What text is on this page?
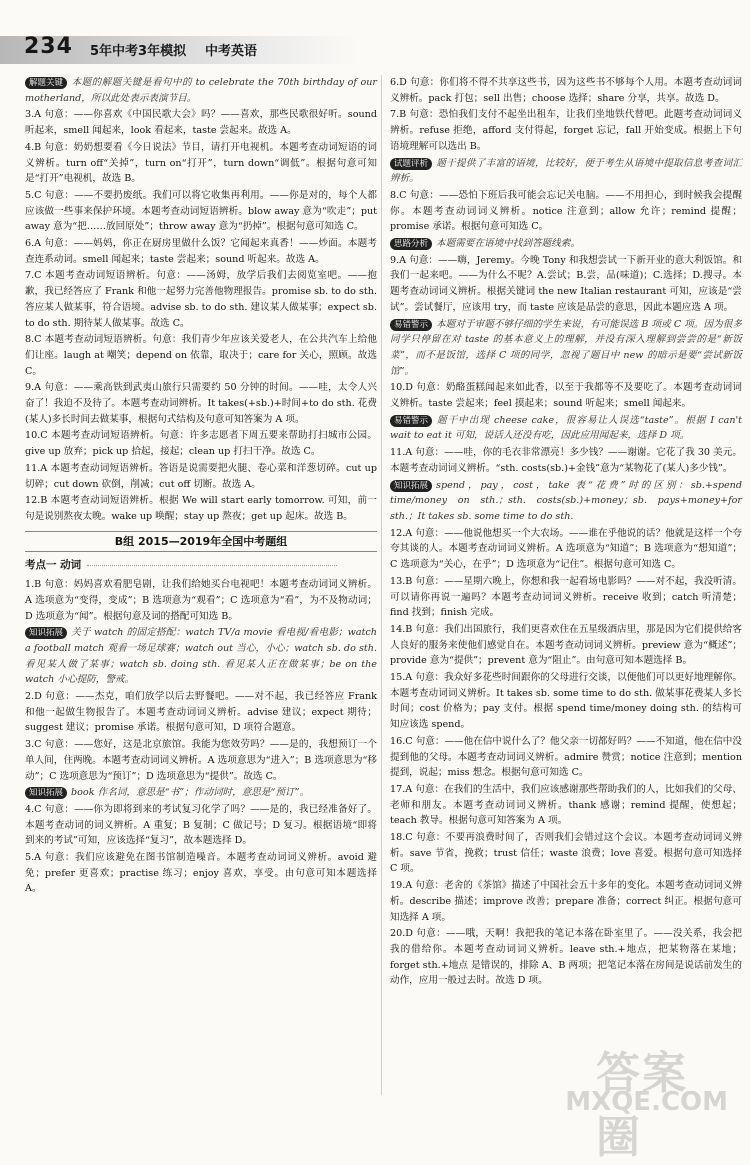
234 5年中考3年模拟 中考英语

解题关键 本题的解题关键是看句中的 to celebrate the 70th birthday of our motherland，所以此处表示表演节目。

3.A 句意：——你喜欢《中国民歌大会》吗？——喜欢，那些民歌很好听。sound 听起来，smell 闻起来，look 看起来，taste 尝起来。故选 A。

4.B 句意：奶奶想要看《今日说法》节目，请打开电视机。本题考查动词短语的词义辨析。turn off“关掉”，turn on“打开”，turn down“调低”。根据句意可知是“打开”电视机，故选 B。

5.C 句意：——不要扔废纸。我们可以将它收集再利用。——你是对的，每个人都应该做一些事来保护环境。本题考查动词短语辨析。blow away 意为“吹走”；put away 意为“把……放回原处”；throw away 意为“扔掉”。根据句意可知选 C。

6.A 句意：——妈妈，你正在厨房里做什么饭？它闻起来真香！——炒面。本题考查连系动词。smell 闻起来；taste 尝起来；sound 听起来。故选 A。

7.C 本题考查动词短语辨析。句意：——汤姆，放学后我们去阅览室吧。——抱歉，我已经答应了 Frank 和他一起努力完善他物理报告。promise sb. to do sth. 答应某人做某事，符合语境。advise sb. to do sth. 建议某人做某事；expect sb. to do sth. 期待某人做某事。故选 C。

8.C 本题考查动词短语辨析。句意：我们青少年应该关爱老人，在公共汽车上给他们让座。laugh at 嘲笑；depend on 依靠，取决于；care for 关心，照顾。故选 C。

9.A 句意：——乘高铁到武夷山旅行只需要约 50 分钟的时间。——哇，太令人兴奋了！我迫不及待了。本题考查动词辨析。It takes(+sb.)+时间+to do sth. 花费(某人)多长时间去做某事，根据句式结构及句意可知答案为 A 项。

10.C 本题考查动词短语辨析。句意：许多志愿者下周五要来帮助打扫城市公园。give up 放弃；pick up 拾起，接起；clean up 打扫干净。故选 C。

11.A 本题考查动词短语辨析。答语是说需要把火腿、卷心菜和洋葱切碎。cut up 切碎；cut down 砍倒，削减；cut off 切断。故选 A。

12.B 本题考查动词短语辨析。根据 We will start early tomorrow. 可知，前一句是说别熬夜太晚。wake up 唤醒；stay up 熬夜；get up 起床。故选 B。

B组 2015—2019年全国中考题组
考点一 动词

1.B 句意：妈妈喜欢看肥皂剧，让我们给她买台电视吧！本题考查动词词义辨析。A 选项意为“变得，变成”；B 选项意为“观看”；C 选项意为“看”，为不及物动词；D 选项意为“闻”。根据句意及词的搭配可知选 B。

知识拓展 关于 watch 的固定搭配：watch TV/a movie 看电视/看电影；watch a football match 观看一场足球赛；watch out 当心，小心；watch sb. do sth. 看见某人做了某事；watch sb. doing sth. 看见某人正在做某事；be on the watch 小心提防，警戒。

2.D 句意：——杰克，咱们放学以后去野餐吧。——对不起，我已经答应 Frank 和他一起做生物报告了。本题考查动词词义辨析。advise 建议；expect 期待；suggest 建议；promise 承诺。根据句意可知，D 项符合题意。

3.C 句意：——您好，这是北京旅馆。我能为您效劳吗？——是的，我想预订一个单人间，住两晚。本题考查动词词义辨析。A 选项意思为“进入”；B 选项意思为“移动”；C 选项意思为“预订”；D 选项意思为“提供”。故选 C。

知识拓展 book 作名词，意思是“书”；作动词时，意思是“预订”。

4.C 句意：——你为即将到来的考试复习化学了吗？——是的，我已经准备好了。本题考查动词的词义辨析。A 重复；B 复制；C 做记号；D 复习。根据语境“即将到来的考试”可知，应该选择“复习”，故本题选择 D。

5.A 句意：我们应该避免在图书馆制造噪音。本题考查动词词义辨析。avoid 避免；prefer 更喜欢；practise 练习；enjoy 喜欢，享受。由句意可知本题选择 A。

6.D 句意：你们将不得不共享这些书，因为这些书不够每个人用。本题考查动词词义辨析。pack 打包；sell 出售；choose 选择；share 分享，共享。故选 D。

7.B 句意：恐怕我们支付不起坐出租车，让我们坐地铁代替吧。此题考查动词词义辨析。refuse 拒绝，afford 支付得起，forget 忘记，fall 开始变成。根据上下句语境理解可以选出 B。

试题评析 题干提供了丰富的语境，比较好，便于考生从语境中提取信息考查词汇辨析。

8.C 句意：——恐怕下班后我可能会忘记关电脑。——不用担心，到时候我会提醒你。本题考查动词词义辨析。notice 注意到；allow 允许；remind 提醒；promise 承诺。根据句意可知选 C。

思路分析 本题需要在语境中找到答题线索。

9.A 句意：——嗨，Jeremy。今晚 Tony 和我想尝试一下新开业的意大利饭馆。和我们一起来吧。——为什么不呢？A.尝试；B.尝，品(味道)；C.选择；D.搜寻。本题考查动词词义辨析。根据关键词 the new Italian restaurant 可知，应该是“尝试”。尝试餐厅，应该用 try，而 taste 应该是品尝的意思，因此本题应选 A 项。

易错警示 本题对于审题不够仔细的学生来说，有可能误选 B 项或 C 项。因为很多同学只停留在对 taste 的基本意义上的理解，并没有深入理解到尝尝的是“新饭菜”，而不是饭馆，选择 C 项的同学，忽视了题目中 new 的暗示是要“尝试新饭馆”。

10.D 句意：奶酪蛋糕闻起来如此香，以至于我都等不及要吃了。本题考查动词词义辨析。taste 尝起来；feel 摸起来；sound 听起来；smell 闻起来。

易错警示 题干中出现 cheese cake，很容易让人误选“taste”。根据 I can't wait to eat it 可知，说话人还没有吃，因此应用闻起来，选择 D 项。

11.A 句意：——哇，你的毛衣非常漂亮！多少钱？——谢谢。它花了我 30 美元。本题考查动词词义辨析。“sth. costs(sb.)+金钱”意为“某物花了(某人)多少钱”。

知识拓展 spend，pay，cost，take 表“花费”时的区别：sb.+spend time/money on sth.；sth. costs(sb.)+money；sb. pays+money+for sth.；It takes sb. some time to do sth.

12.A 句意：——他说他想买一个大农场。——谁在乎他说的话？他就是这样一个夸夸其谈的人。本题考查动词词义辨析。A 选项意为“知道”；B 选项意为“想知道”；C 选项意为“关心，在乎”；D 选项意为“记住”。根据句意可知选 C。

13.B 句意：——星期六晚上，你想和我一起看场电影吗？——对不起，我没听清。可以请你再说一遍吗？本题考查动词词义辨析。receive 收到；catch 听清楚；find 找到；finish 完成。

14.B 句意：我们出国旅行，我们更喜欢住在五星级酒店里，那是因为它们提供给客人良好的服务来使他们感觉自在。本题考查动词词义辨析。preview 意为“概述”；provide 意为“提供”；prevent 意为“阻止”。由句意可知本题选择 B。

15.A 句意：我众好多花些时间跟你的父母进行交谈，以便他们可以更好地理解你。本题考查动词词义辨析。It takes sb. some time to do sth. 做某事花费某人多长时间；cost 价格为；pay 支付。根据 spend time/money doing sth. 的结构可知应该选 spend。

16.C 句意：——他在信中说什么了？他父亲一切都好吗？——不知道，他在信中没提到他的父母。本题考查动词词义辨析。admire 赞赏；notice 注意到；mention 提到，说起；miss 想念。根据句意可知选 C。

17.A 句意：在我们的生活中，我们应该感谢那些帮助我们的人，比如我们的父母、老师和朋友。本题考查动词词义辨析。thank 感谢；remind 提醒，使想起；teach 教导。根据句意可知答案为 A 项。

18.C 句意：不要再浪费时间了，否则我们会错过这个会议。本题考查动词词义辨析。save 节省，挽救；trust 信任；waste 浪费；love 喜爱。根据句意可知选择 C 项。

19.A 句意：老舍的《茶馆》描述了中国社会五十多年的变化。本题考查动词词义辨析。describe 描述；improve 改善；prepare 准备；correct 纠正。根据句意可知选择 A 项。

20.D 句意：——哦，天啊！我把我的笔记本落在卧室里了。——没关系，我会把我的借给你。本题考查动词词义辨析。leave sth.+地点，把某物落在某地；forget sth.+地点 是错误的，排除 A、B 两项；把笔记本落在房间是说话前发生的动作，应用一般过去时。故选 D 项。

答案圈
MXQE.COM
